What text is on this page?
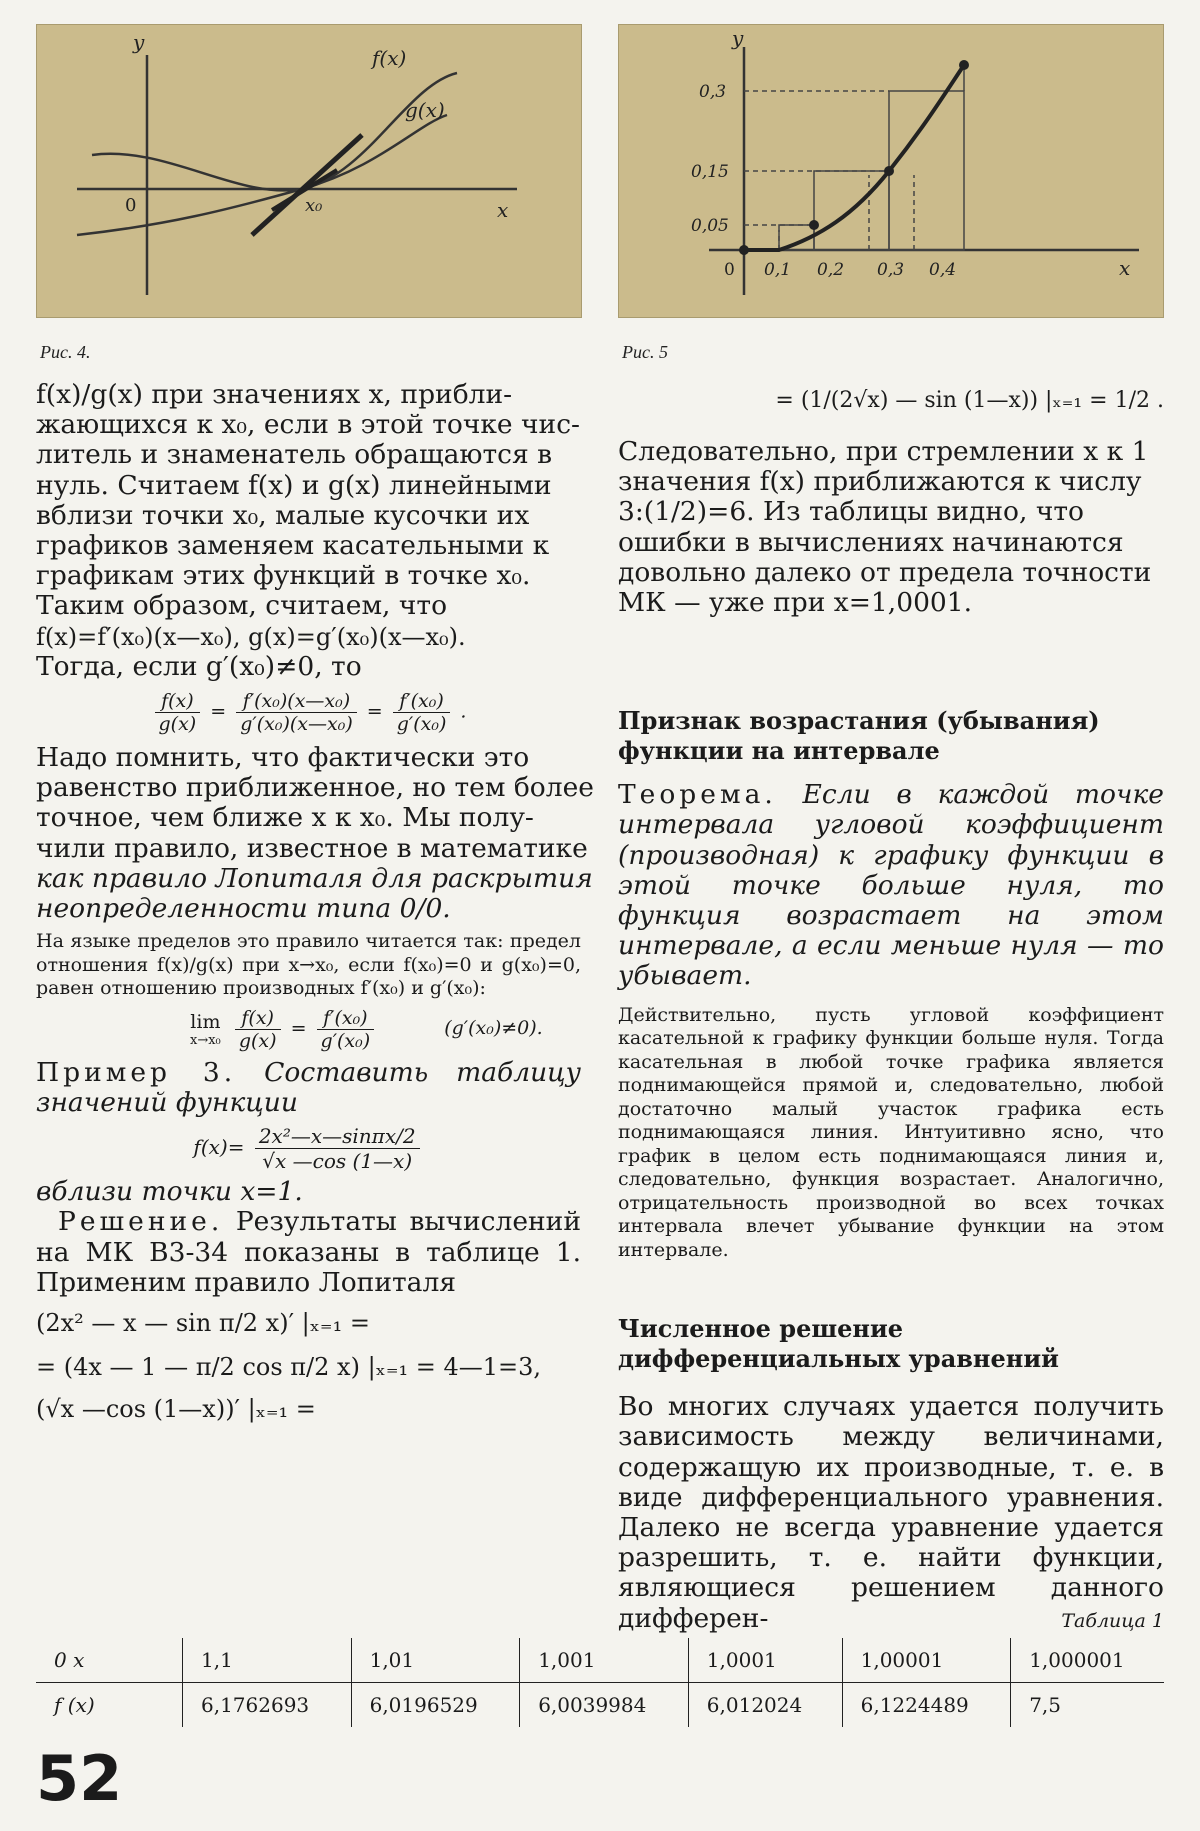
y
x
0	x₀
f(x)
g(x)
Рис. 4.
y
x
0
0,3
0,15
0,05
0,1 0,2 0,3 0,4
Рис. 5
f(x)/g(x) при значениях x, прибли-
жающихся к x₀, если в этой точке чис-
литель и знаменатель обращаются в
нуль. Считаем f(x) и g(x) линейными
вблизи точки x₀, малые кусочки их
графиков заменяем касательными к
графикам этих функций в точке x₀.
Таким образом, считаем, что
f(x)=f′(x₀)(x—x₀), g(x)=g′(x₀)(x—x₀).
Тогда, если g′(x₀)≠0, то
$\frac{f(x)}{g(x)} = \frac{\text{f′(x₀)(x—x₀)}}{\text{g′(x₀)(x—x₀)}} = \frac{\text{f′(x₀)}}{\text{g′(x₀)}}$ .
Надо помнить, что фактически это
равенство приближенное, но тем более
точное, чем ближе x к x₀. Мы полу-
чили правило, известное в математике
как правило Лопиталя для раскрытия
неопределенности типа 0/0.
На языке пределов это правило читается так: предел отношения f(x)/g(x) при x→x₀, если f(x₀)=0 и g(x₀)=0, равен отношению производных f′(x₀) и g′(x₀):
lim
x→x₀
$\frac{f(x)}{g(x)} = \frac{\text{f′(x₀)}}{\text{g′(x₀)}}$	(g′(x₀)≠0).
Пример 3. Составить таблицу значений функции
$f(x)= \frac{\text{2x²—x—sinπx/2}}{√x —\cos (1—x)}$
вблизи точки x=1.
Решение. Результаты вычислений на МК В3-34 показаны в таблице 1. Применим правило Лопиталя
(2x² — x — sin π/2 x)′ |ₓ₌₁ =
= (4x — 1 — π/2 cos π/2 x) |ₓ₌₁ = 4—1=3,
(√x —cos (1—x))′ |ₓ₌₁ =
= (1/(2√x) — sin (1—x)) |ₓ₌₁ = 1/2 .
Следовательно, при стремлении x к 1
значения f(x) приближаются к числу
3:(1/2)=6. Из таблицы видно, что
ошибки в вычислениях начинаются
довольно далеко от предела точности
МК — уже при x=1,0001.
Признак возрастания (убывания) функции на интервале
Теорема. Если в каждой точке интервала угловой коэффициент (производная) к графику функции в этой точке больше нуля, то функция возрастает на этом интервале, а если меньше нуля — то убывает.
Действительно, пусть угловой коэффициент касательной к графику функции больше нуля. Тогда касательная в любой точке графика является поднимающейся прямой и, следовательно, любой достаточно малый участок графика есть поднимающаяся линия. Интуитивно ясно, что график в целом есть поднимающаяся линия и, следовательно, функция возрастает. Аналогично, отрицательность производной во всех точках интервала влечет убывание функции на этом интервале.
Численное решение дифференциальных уравнений
Во многих случаях удается получить зависимость между величинами, содержащую их производные, т. е. в виде дифференциального уравнения. Далеко не всегда уравнение удается разрешить, т. е. найти функции, являющиеся решением данного дифферен-	Таблица 1
0 x	1,1	1,01	1,001	1,0001	1,00001	1,000001
f (x)	6,1762693	6,0196529	6,0039984	6,012024	6,1224489	7,5
52
